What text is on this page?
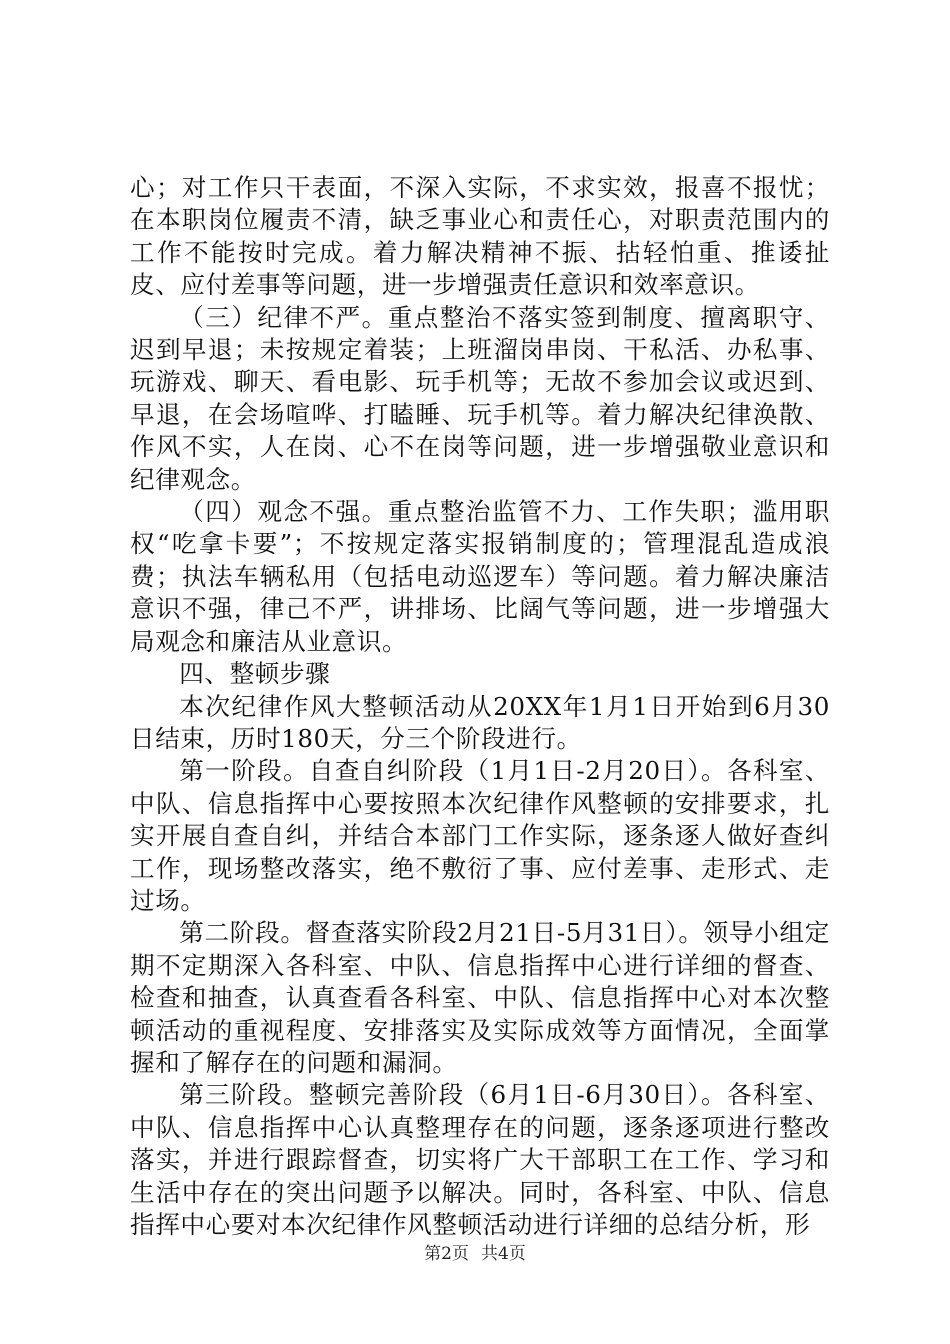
心；对工作只干表面，不深入实际，不求实效，报喜不报忧；在本职岗位履责不清，缺乏事业心和责任心，对职责范围内的工作不能按时完成。着力解决精神不振、拈轻怕重、推诿扯皮、应付差事等问题，进一步增强责任意识和效率意识。

（三）纪律不严。重点整治不落实签到制度、擅离职守、迟到早退；未按规定着装；上班溜岗串岗、干私活、办私事、玩游戏、聊天、看电影、玩手机等；无故不参加会议或迟到、早退，在会场喧哗、打瞌睡、玩手机等。着力解决纪律涣散、作风不实，人在岗、心不在岗等问题，进一步增强敬业意识和纪律观念。

（四）观念不强。重点整治监管不力、工作失职；滥用职权“吃拿卡要”；不按规定落实报销制度的；管理混乱造成浪费；执法车辆私用（包括电动巡逻车）等问题。着力解决廉洁意识不强，律己不严，讲排场、比阔气等问题，进一步增强大局观念和廉洁从业意识。

四、整顿步骤

本次纪律作风大整顿活动从20XX年1月1日开始到6月30日结束，历时180天，分三个阶段进行。

第一阶段。自查自纠阶段（1月1日-2月20日）。各科室、中队、信息指挥中心要按照本次纪律作风整顿的安排要求，扎实开展自查自纠，并结合本部门工作实际，逐条逐人做好查纠工作，现场整改落实，绝不敷衍了事、应付差事、走形式、走过场。

第二阶段。督查落实阶段2月21日-5月31日）。领导小组定期不定期深入各科室、中队、信息指挥中心进行详细的督查、检查和抽查，认真查看各科室、中队、信息指挥中心对本次整顿活动的重视程度、安排落实及实际成效等方面情况，全面掌握和了解存在的问题和漏洞。

第三阶段。整顿完善阶段（6月1日-6月30日）。各科室、中队、信息指挥中心认真整理存在的问题，逐条逐项进行整改落实，并进行跟踪督查，切实将广大干部职工在工作、学习和生活中存在的突出问题予以解决。同时，各科室、中队、信息指挥中心要对本次纪律作风整顿活动进行详细的总结分析，形

第2页 共4页
